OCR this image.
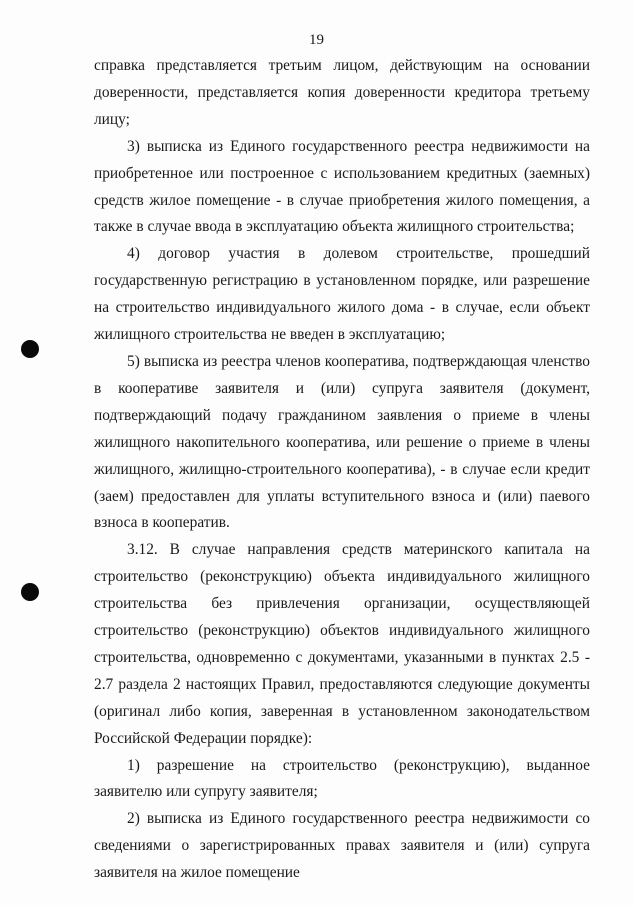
19

справка представляется третьим лицом, действующим на основании доверенности, представляется копия доверенности кредитора третьему лицу;

3) выписка из Единого государственного реестра недвижимости на приобретенное или построенное с использованием кредитных (заемных) средств жилое помещение - в случае приобретения жилого помещения, а также в случае ввода в эксплуатацию объекта жилищного строительства;

4) договор участия в долевом строительстве, прошедший государственную регистрацию в установленном порядке, или разрешение на строительство индивидуального жилого дома - в случае, если объект жилищного строительства не введен в эксплуатацию;

5) выписка из реестра членов кооператива, подтверждающая членство в кооперативе заявителя и (или) супруга заявителя (документ, подтверждающий подачу гражданином заявления о приеме в члены жилищного накопительного кооператива, или решение о приеме в члены жилищного, жилищно-строительного кооператива), - в случае если кредит (заем) предоставлен для уплаты вступительного взноса и (или) паевого взноса в кооператив.

3.12. В случае направления средств материнского капитала на строительство (реконструкцию) объекта индивидуального жилищного строительства без привлечения организации, осуществляющей строительство (реконструкцию) объектов индивидуального жилищного строительства, одновременно с документами, указанными в пунктах 2.5 - 2.7 раздела 2 настоящих Правил, предоставляются следующие документы (оригинал либо копия, заверенная в установленном законодательством Российской Федерации порядке):

1) разрешение на строительство (реконструкцию), выданное заявителю или супругу заявителя;

2) выписка из Единого государственного реестра недвижимости со сведениями о зарегистрированных правах заявителя и (или) супруга заявителя на жилое помещение
